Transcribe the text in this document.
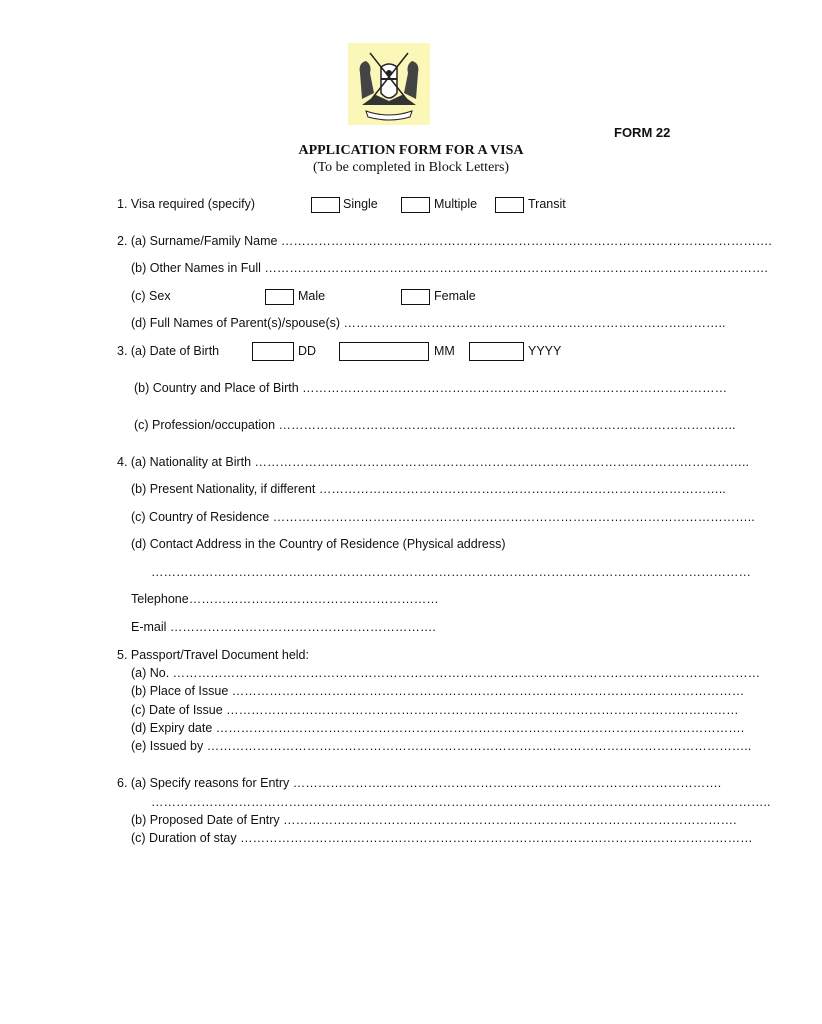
FORM 22
APPLICATION FORM FOR A VISA
(To be completed in Block Letters)
1. Visa required (specify)	Single	Multiple	Transit
2. (a) Surname/Family Name ……………………………………………………………………………………………………….
(b) Other Names in Full ………………………………………………………………………………………………………….
(c) Sex	Male	Female
(d) Full Names of Parent(s)/spouse(s) ………………………………………………………………………………..
3. (a) Date of Birth	DD	MM	YYYY
(b) Country and Place of Birth …………………………………………………………………………………………
(c) Profession/occupation ………………………………………………………………………………………………..
4. (a) Nationality at Birth ………………………………………………………………………………………………………..
(b) Present Nationality, if different ……………………………………………………………………………………..
(c) Country of Residence ……………………………………………………………………………………………………..
(d) Contact Address in the Country of Residence (Physical address)
………………………………………………………………………………………………………………………………
Telephone……………………………………………………
E-mail ……………………………………………………….
5. Passport/Travel Document held:
(a) No. ……………………………………………………………………………………………………………………………
(b) Place of Issue ……………………………………………………………………………………………………………
(c) Date of Issue ……………………………………………………………………………………………………………
(d) Expiry date ……………………………………………………………………………………………………………….
(e) Issued by …………………………………………………………………………………………………………………..
6. (a) Specify reasons for Entry ………………………………………………………………………………………….
…………………………………………………………………………………………………………………………………..
(b) Proposed Date of Entry ……………………………………………………………………………………………….
(c) Duration of stay ……………………………………………………………………………………………………………
